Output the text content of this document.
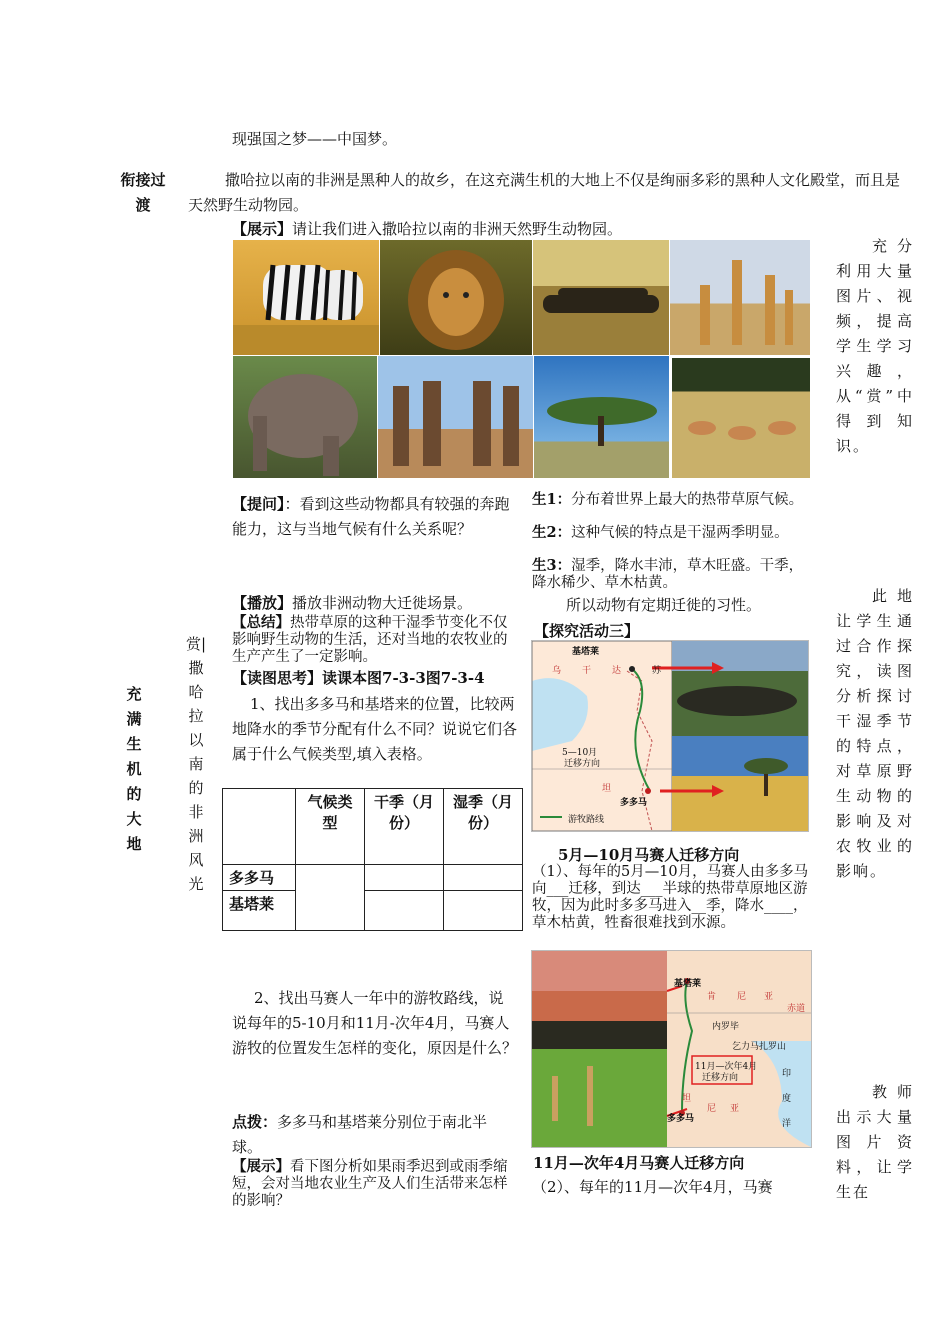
现强国之梦——中国梦。
衔接过渡
撒哈拉以南的非洲是黑种人的故乡，在这充满生机的大地上不仅是绚丽多彩的黑种人文化殿堂，而且是天然野生动物园。
【展示】请让我们进入撒哈拉以南的非洲天然野生动物园。
充分利用大量图片、视频，提高学生学习兴趣，从“赏”中得到知识。
【提问】：看到这些动物都具有较强的奔跑能力，这与当地气候有什么关系呢？
生1：分布着世界上最大的热带草原气候。
生2：这种气候的特点是干湿两季明显。
生3：湿季，降水丰沛，草木旺盛。干季，降水稀少、草木枯黄。
所以动物有定期迁徙的习性。
【播放】播放非洲动物大迁徙场景。
【总结】热带草原的这种干湿季节变化不仅影响野生动物的生活，还对当地的农牧业的生产产生了一定影响。
【读图思考】读课本图7-3-3图7-3-4
充满生机的大地
赏|撒哈拉以南的非洲风光
【探究活动三】
1、找出多多马和基塔来的位置，比较两地降水的季节分配有什么不同？说说它们各属于什么气候类型,填入表格。
	气候类型	干季（月份）	湿季（月份）
多多马			
基塔莱			
基塔莱
乌 干 达	苏
5—10月
迁移方向
坦
多多马
游牧路线
5月—10月马赛人迁移方向
（1）、每年的5月—10月，马赛人由多多马向___迁移，到达___半球的热带草原地区游牧，因为此时多多马进入__季，降水____，草木枯黄，牲畜很难找到水源。
此地让学生通过合作探究，读图分析探讨干湿季节的特点，对草原野生动物的影响及对农牧业的影响。
2、找出马赛人一年中的游牧路线，说说每年的5-10月和11月-次年4月，马赛人游牧的位置发生怎样的变化，原因是什么？
点拨：多多马和基塔莱分别位于南北半球。
【展示】看下图分析如果雨季迟到或雨季缩短，会对当地农业生产及人们生活带来怎样的影响？
基塔莱
肯 尼 亚
赤道
内罗毕
乞力马扎罗山
11月—次年4月
迁移方向
坦
尼 亚
多多马
印
度
洋
11月—次年4月马赛人迁移方向
（2）、每年的11月—次年4月，马赛
教师出示大量图片资料，让学生在
